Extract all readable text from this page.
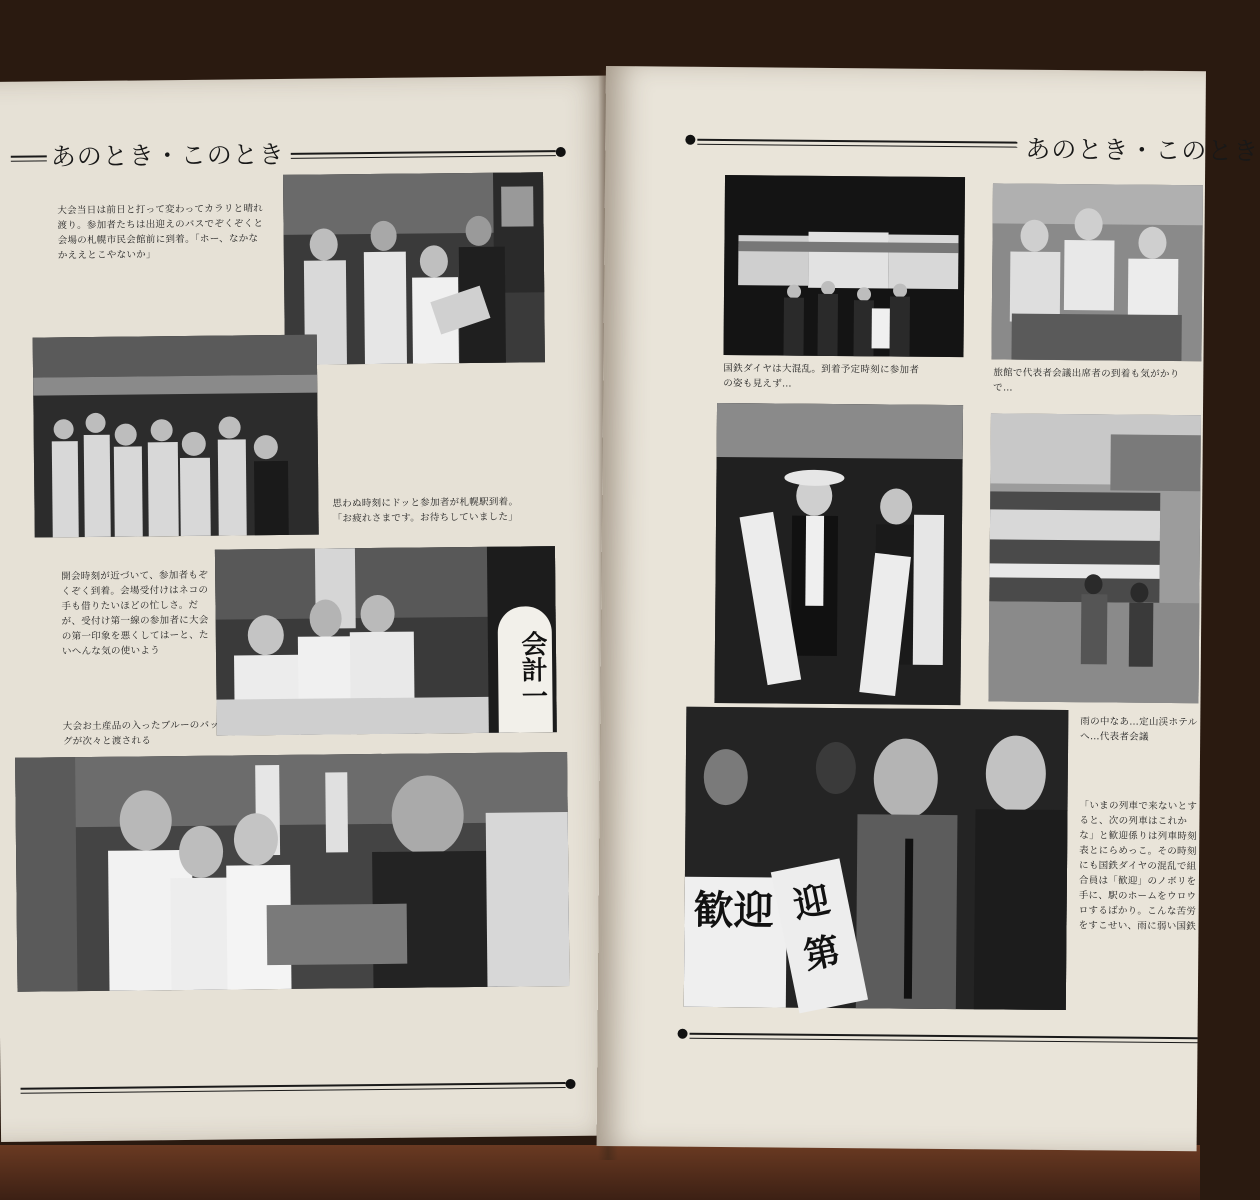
あのとき・このとき
大会当日は前日と打って変わってカラリと晴れ渡り。参加者たちは出迎えのバスでぞくぞくと会場の札幌市民会館前に到着。「ホー、なかなかええとこやないか」
思わぬ時刻にドッと参加者が札幌駅到着。「お疲れさまです。お待ちしていました」
開会時刻が近づいて、参加者もぞくぞく到着。会場受付けはネコの手も借りたいほどの忙しさ。だが、受付け第一線の参加者に大会の第一印象を悪くしてはーと、たいへんな気の使いよう	会計一
大会お土産品の入ったブルーのバッグが次々と渡される
あのとき・このとき
国鉄ダイヤは大混乱。到着予定時刻に参加者の姿も見えず…
旅館で代表者会議出席者の到着も気がかりで…
雨の中なあ…定山渓ホテルへ…代表者会議
歓迎 迎第
「いまの列車で来ないとすると、次の列車はこれかな」と歓迎係りは列車時刻表とにらめっこ。その時刻にも国鉄ダイヤの混乱で組合員は「歓迎」のノボリを手に、駅のホームをウロウロするばかり。こんな苦労をすこせい、雨に弱い国鉄
